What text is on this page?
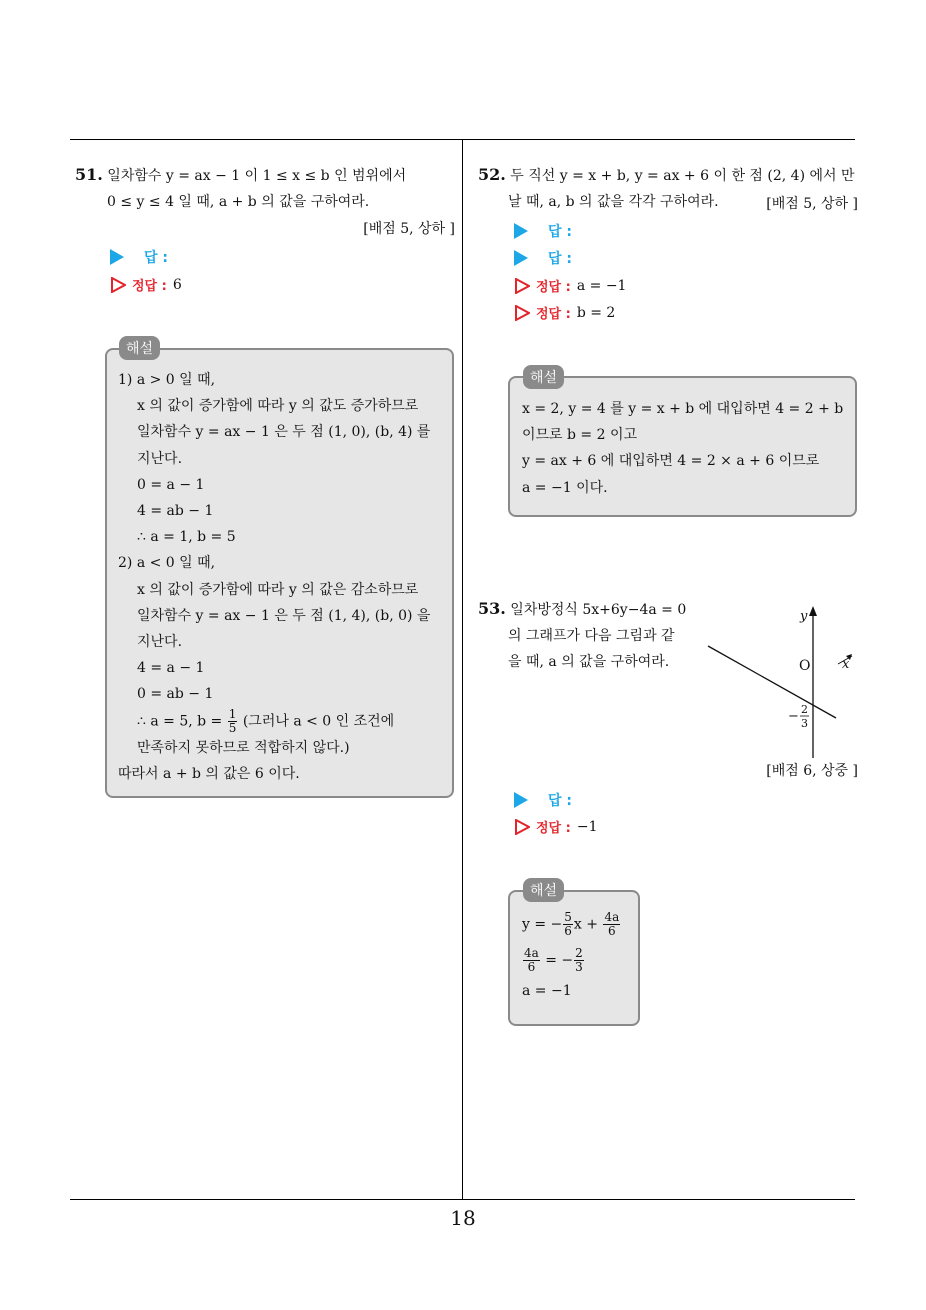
51. 일차함수 y = ax − 1 이 1 ≤ x ≤ b 인 범위에서
0 ≤ y ≤ 4 일 때, a + b 의 값을 구하여라.
[배점 5, 상하 ]
답 :
정답 : 6
해설
1) a > 0 일 때,
x 의 값이 증가함에 따라 y 의 값도 증가하므로
일차함수 y = ax − 1 은 두 점 (1, 0), (b, 4) 를
지난다.
0 = a − 1
4 = ab − 1
∴ a = 1, b = 5
2) a < 0 일 때,
x 의 값이 증가함에 따라 y 의 값은 감소하므로
일차함수 y = ax − 1 은 두 점 (1, 4), (b, 0) 을
지난다.
4 = a − 1
0 = ab − 1
∴ a = 5, $b = \frac{1}{5}$ (그러나 a < 0 인 조건에
만족하지 못하므로 적합하지 않다.)
따라서 a + b 의 값은 6 이다.
52. 두 직선 y = x + b, y = ax + 6 이 한 점 (2, 4) 에서 만
날 때, a, b 의 값을 각각 구하여라.	[배점 5, 상하 ]
답 :
답 :
정답 : a = −1
정답 : b = 2
해설
x = 2, y = 4 를 y = x + b 에 대입하면 4 = 2 + b
이므로 b = 2 이고
y = ax + 6 에 대입하면 4 = 2 × a + 6 이므로
a = −1 이다.
53. 일차방정식 5x+6y−4a = 0
의 그래프가 다음 그림과 같
을 때, a 의 값을 구하여라.
y
x
O
− 2
3
[배점 6, 상중 ]
답 :
정답 : −1
해설
y = − $\frac{5}{6}$ $x + \frac{4a}{6}$
$\frac{4a}{6}$ = − $\frac{2}{3}$
a = −1
18
